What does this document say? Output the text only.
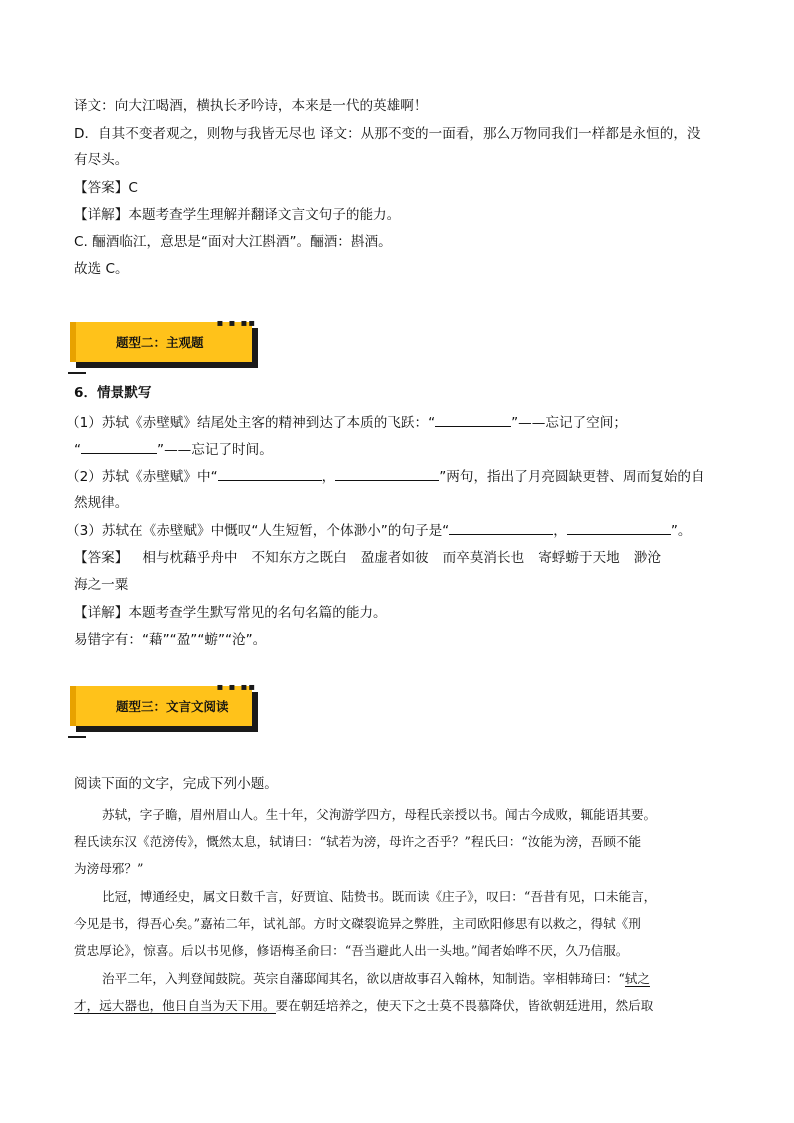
译文：向大江喝酒，横执长矛吟诗，本来是一代的英雄啊！
D．自其不变者观之，则物与我皆无尽也 译文：从那不变的一面看，那么万物同我们一样都是永恒的，没
有尽头。
【答案】C
【详解】本题考查学生理解并翻译文言文句子的能力。
C. 酾酒临江，意思是“面对大江斟酒”。酾酒：斟酒。
故选 C。
▪ ▪ ▪▪
题型二：主观题
6．情景默写
（1）苏轼《赤壁赋》结尾处主客的精神到达了本质的飞跃：“	”——忘记了空间；
“	”——忘记了时间。
（2）苏轼《赤壁赋》中“	，	”两句，指出了月亮圆缺更替、周而复始的自
然规律。
（3）苏轼在《赤壁赋》中慨叹“人生短暂，个体渺小”的句子是“	，	”。
【答案】 相与枕藉乎舟中 不知东方之既白 盈虚者如彼 而卒莫消长也 寄蜉蝣于天地 渺沧
海之一粟
【详解】本题考查学生默写常见的名句名篇的能力。
易错字有：“藉”“盈”“蝣”“沧”。
▪ ▪ ▪▪
题型三：文言文阅读
阅读下面的文字，完成下列小题。
苏轼，字子瞻，眉州眉山人。生十年，父洵游学四方，母程氏亲授以书。闻古今成败，辄能语其要。
程氏读东汉《范滂传》，慨然太息，轼请曰：“轼若为滂，母许之否乎？”程氏曰：“汝能为滂，吾顾不能
为滂母邪？”
比冠，博通经史，属文日数千言，好贾谊、陆贽书。既而读《庄子》，叹曰：“吾昔有见，口未能言，
今见是书，得吾心矣。”嘉祐二年，试礼部。方时文磔裂诡异之弊胜，主司欧阳修思有以救之，得轼《刑
赏忠厚论》，惊喜。后以书见修，修语梅圣俞曰：“吾当避此人出一头地。”闻者始哗不厌，久乃信服。
治平二年，入判登闻鼓院。英宗自藩邸闻其名，欲以唐故事召入翰林，知制诰。宰相韩琦曰：“轼之
才，远大器也，他日自当为天下用。要在朝廷培养之，使天下之士莫不畏慕降伏，皆欲朝廷进用，然后取
